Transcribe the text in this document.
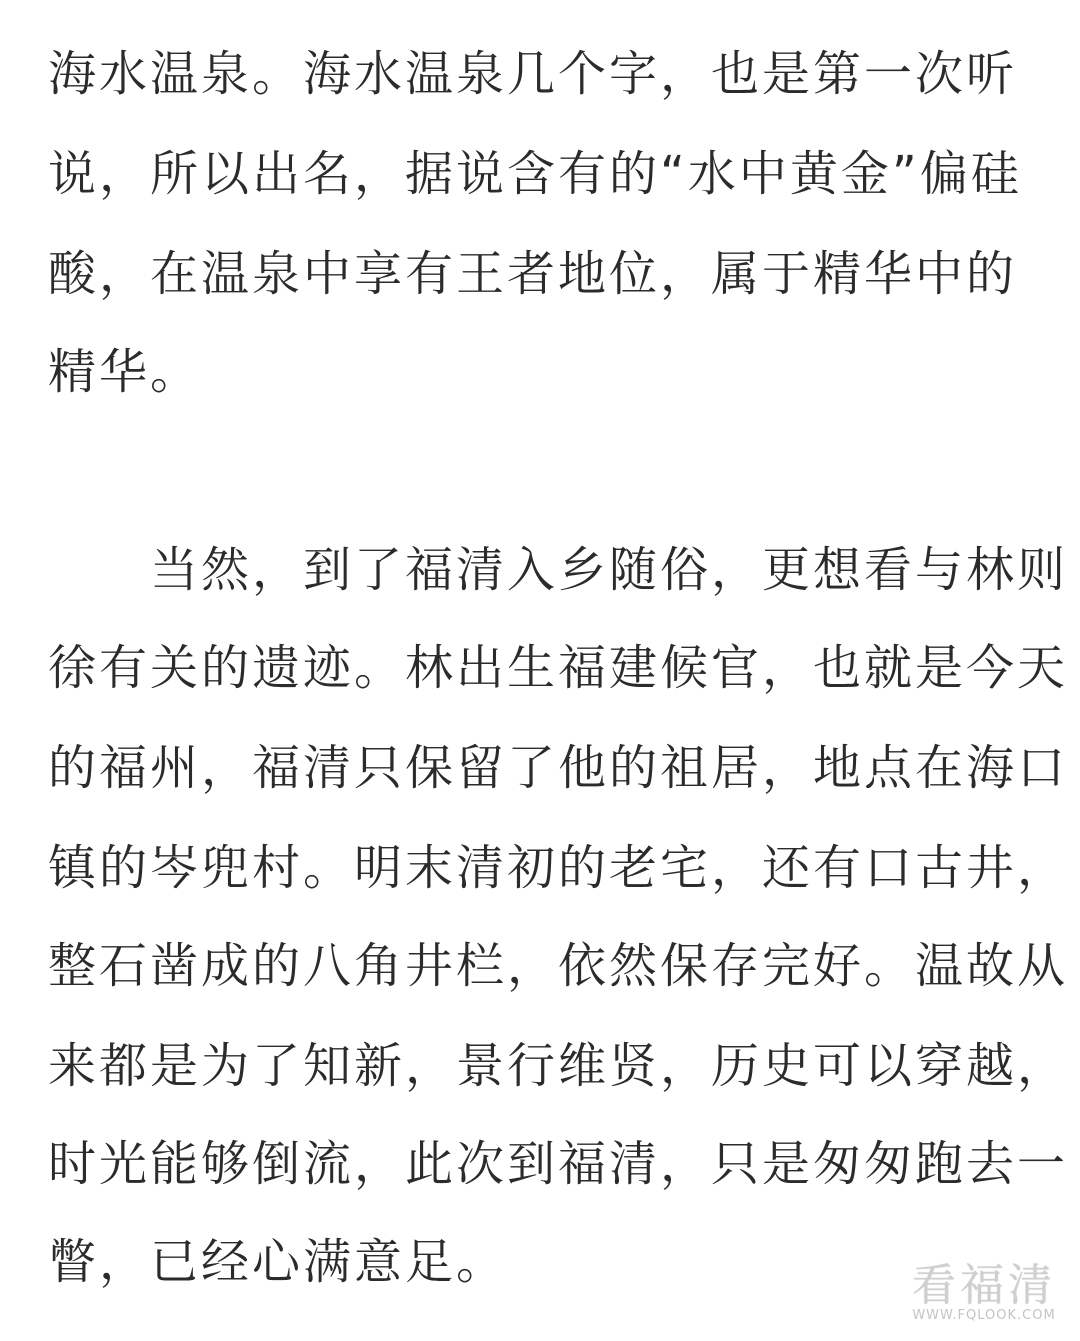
海水温泉。海水温泉几个字，也是第一次听
说，所以出名，据说含有的“水中黄金”偏硅
酸，在温泉中享有王者地位，属于精华中的
精华。
当然，到了福清入乡随俗，更想看与林则
徐有关的遗迹。林出生福建候官，也就是今天
的福州，福清只保留了他的祖居，地点在海口
镇的岑兜村。明末清初的老宅，还有口古井，
整石凿成的八角井栏，依然保存完好。温故从
来都是为了知新，景行维贤，历史可以穿越，
时光能够倒流，此次到福清，只是匆匆跑去一
瞥，已经心满意足。	看福清
WWW.FQLOOK.COM
